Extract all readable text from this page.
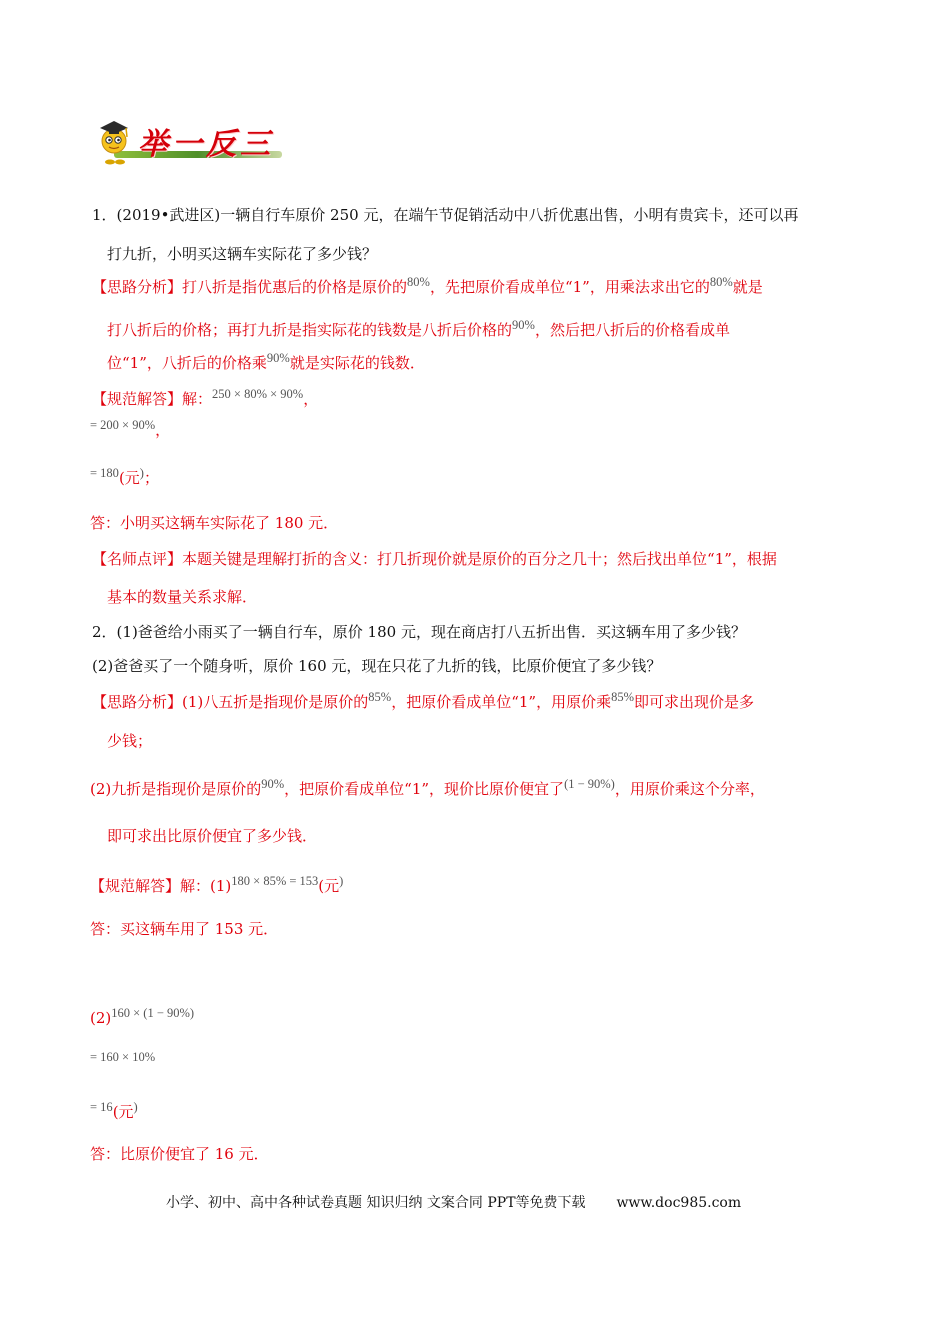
举一反三
1．(2019•武进区)一辆自行车原价 250 元，在端午节促销活动中八折优惠出售，小明有贵宾卡，还可以再
打九折，小明买这辆车实际花了多少钱？
【思路分析】打八折是指优惠后的价格是原价的$^{80\%}$，先把原价看成单位“1”，用乘法求出它的$^{80\%}$就是
打八折后的价格；再打九折是指实际花的钱数是八折后价格的$^{90\%}$，然后把八折后的价格看成单
位“1”，八折后的价格乘$^{90\%}$就是实际花的钱数．
【规范解答】解：$^{250 \times 80\% \times 90\%}$，
$^{= 200 \times 90\%}$，
$^{= 180}$(元)；
答：小明买这辆车实际花了 180 元．
【名师点评】本题关键是理解打折的含义：打几折现价就是原价的百分之几十；然后找出单位“1”，根据
基本的数量关系求解．
2．(1)爸爸给小雨买了一辆自行车，原价 180 元，现在商店打八五折出售．买这辆车用了多少钱？
(2)爸爸买了一个随身听，原价 160 元，现在只花了九折的钱，比原价便宜了多少钱？
【思路分析】(1)八五折是指现价是原价的$^{85\%}$，把原价看成单位“1”，用原价乘$^{85\%}$即可求出现价是多
少钱；
(2)九折是指现价是原价的$^{90\%}$，把原价看成单位“1”，现价比原价便宜了$^{(1 - 90\%)}$，用原价乘这个分率，
即可求出比原价便宜了多少钱．
【规范解答】解：$(1)^{180 \times 85\% = 153}$(元)
答：买这辆车用了 153 元．
$(2)^{160 \times (1 - 90\%)}$
$^{= 160 \times 10\%}$
$^{= 16}$(元)
答：比原价便宜了 16 元．
小学、初中、高中各种试卷真题 知识归纳 文案合同 PPT等免费下载 www.doc985.com
